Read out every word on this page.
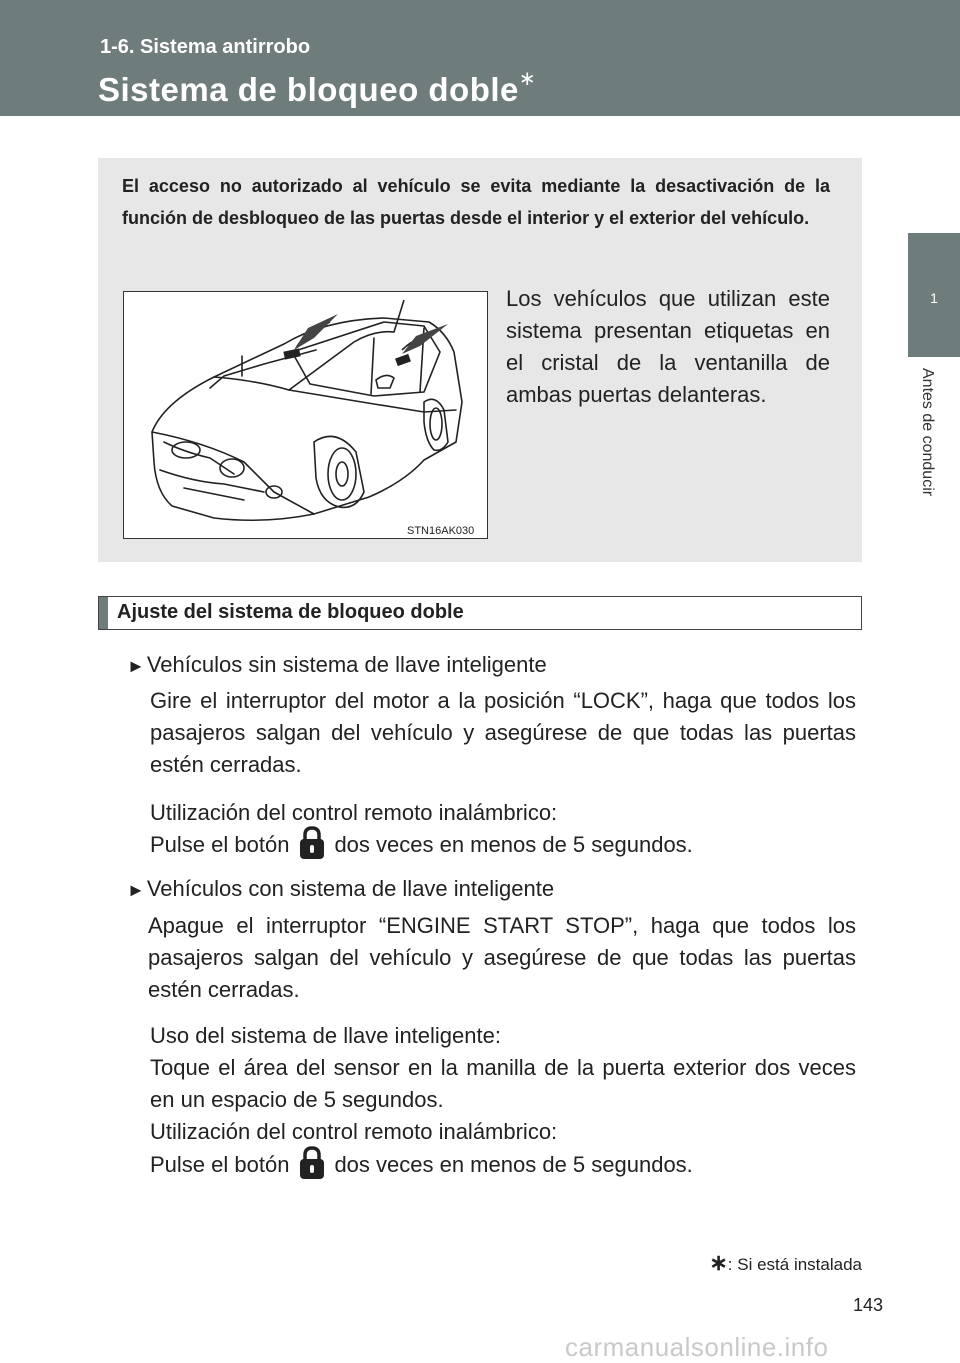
1-6. Sistema antirrobo
Sistema de bloqueo doble∗
1
Antes de conducir
El acceso no autorizado al vehículo se evita mediante la desactivación de la función de desbloqueo de las puertas desde el interior y el exterior del vehículo.
STN16AK030
Los vehículos que utilizan este sistema presentan etiquetas en el cristal de la ventanilla de ambas puertas delanteras.
Ajuste del sistema de bloqueo doble
►Vehículos sin sistema de llave inteligente
Gire el interruptor del motor a la posición “LOCK”, haga que todos los pasajeros salgan del vehículo y asegúrese de que todas las puertas estén cerradas.
Utilización del control remoto inalámbrico:
Pulse el botón dos veces en menos de 5 segundos.
►Vehículos con sistema de llave inteligente
Apague el interruptor “ENGINE START STOP”, haga que todos los pasajeros salgan del vehículo y asegúrese de que todas las puertas estén cerradas.
Uso del sistema de llave inteligente:
Toque el área del sensor en la manilla de la puerta exterior dos veces en un espacio de 5 segundos.
Utilización del control remoto inalámbrico:
Pulse el botón dos veces en menos de 5 segundos.
∗: Si está instalada
143
carmanualsonline.info
